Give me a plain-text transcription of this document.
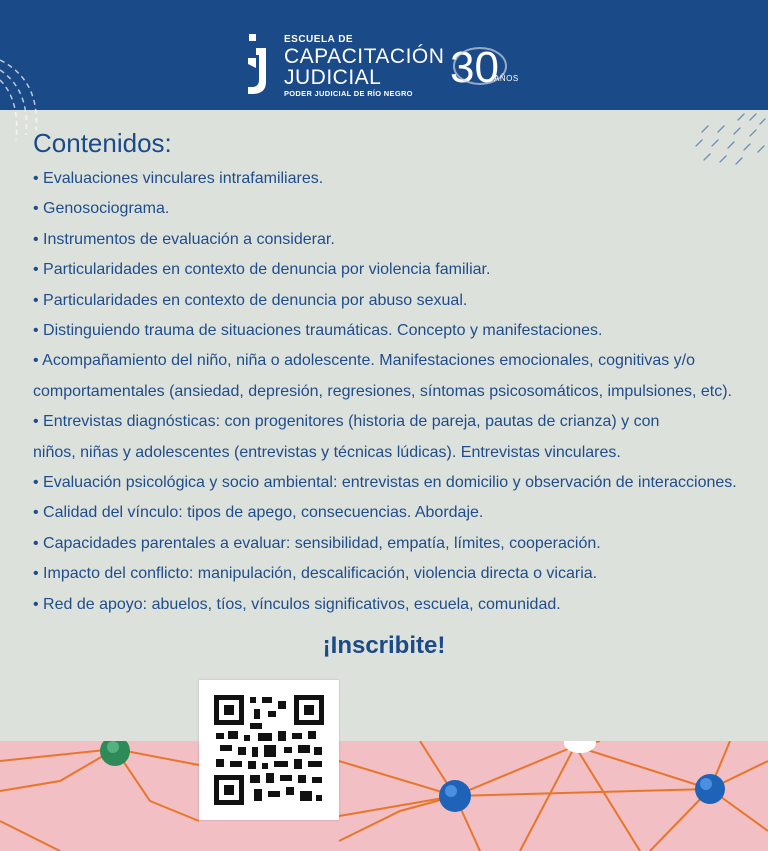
ESCUELA DE
CAPACITACIÓN
JUDICIAL
PODER JUDICIAL DE RÍO NEGRO
30
AÑOS
Contenidos:
• Evaluaciones vinculares intrafamiliares.
• Genosociograma.
• Instrumentos de evaluación a considerar.
• Particularidades en contexto de denuncia por violencia familiar.
• Particularidades en contexto de denuncia por abuso sexual.
• Distinguiendo trauma de situaciones traumáticas. Concepto y manifestaciones.
• Acompañamiento del niño, niña o adolescente. Manifestaciones emocionales, cognitivas y/o
comportamentales (ansiedad, depresión, regresiones, síntomas psicosomáticos, impulsiones, etc).
• Entrevistas diagnósticas: con progenitores (historia de pareja, pautas de crianza) y con
niños, niñas y adolescentes (entrevistas y técnicas lúdicas). Entrevistas vinculares.
• Evaluación psicológica y socio ambiental: entrevistas en domicilio y observación de interacciones.
• Calidad del vínculo: tipos de apego, consecuencias. Abordaje.
• Capacidades parentales a evaluar: sensibilidad, empatía, límites, cooperación.
• Impacto del conflicto: manipulación, descalificación, violencia directa o vicaria.
• Red de apoyo: abuelos, tíos, vínculos significativos, escuela, comunidad.
¡Inscribite!
